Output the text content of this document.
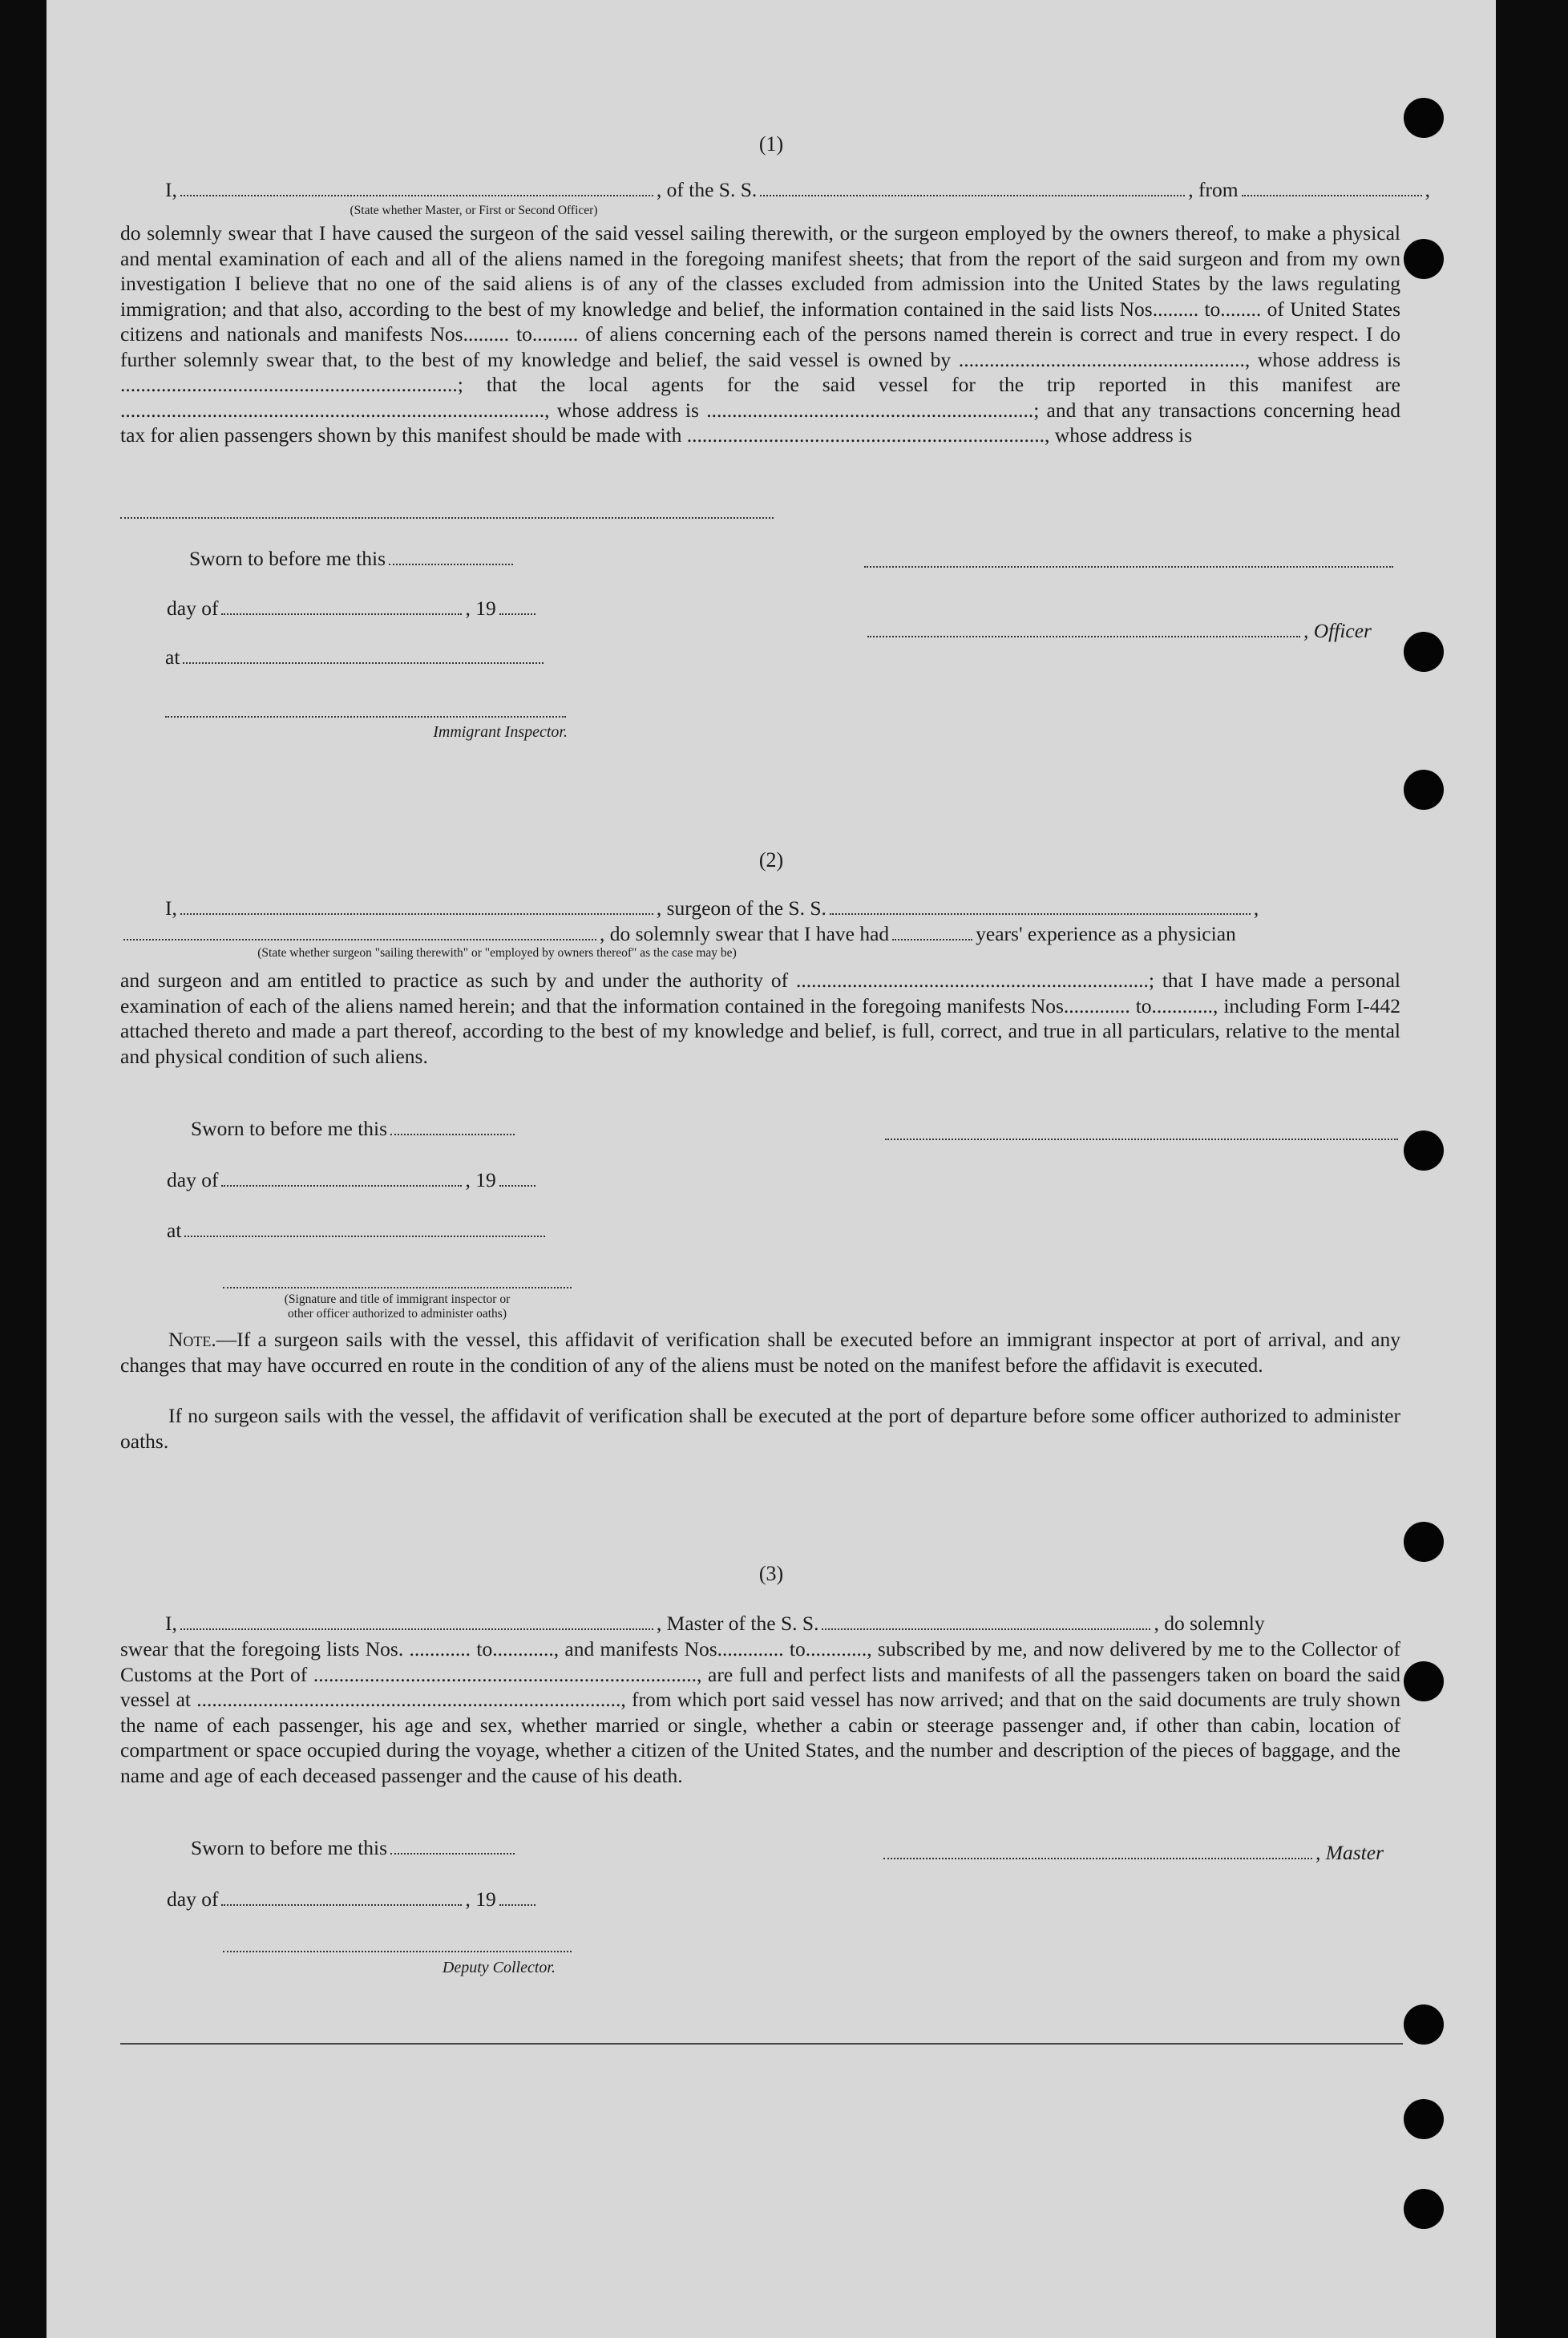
(1)
I,	, of the S. S.	, from	,
(State whether Master, or First or Second Officer)
do solemnly swear that I have caused the surgeon of the said vessel sailing therewith, or the surgeon employed by the owners thereof, to make a physical and mental examination of each and all of the aliens named in the foregoing manifest sheets; that from the report of the said surgeon and from my own investigation I believe that no one of the said aliens is of any of the classes excluded from admission into the United States by the laws regulating immigration; and that also, according to the best of my knowledge and belief, the information contained in the said lists Nos......... to........ of United States citizens and nationals and manifests Nos......... to......... of aliens concerning each of the persons named therein is correct and true in every respect. I do further solemnly swear that, to the best of my knowledge and belief, the said vessel is owned by ........................................................, whose address is ..................................................................; that the local agents for the said vessel for the trip reported in this manifest are ..................................................................................., whose address is ................................................................; and that any transactions concerning head tax for alien passengers shown by this manifest should be made with ......................................................................, whose address is
Sworn to before me this
day of	, 19
at
Immigrant Inspector.
, Officer
(2)
I,	, surgeon of the S. S.	,
, do solemnly swear that I have had	years' experience as a physician
(State whether surgeon "sailing therewith" or "employed by owners thereof" as the case may be)
and surgeon and am entitled to practice as such by and under the authority of .....................................................................; that I have made a personal examination of each of the aliens named herein; and that the information contained in the foregoing manifests Nos............. to............, including Form I-442 attached thereto and made a part thereof, according to the best of my knowledge and belief, is full, correct, and true in all particulars, relative to the mental and physical condition of such aliens.
Sworn to before me this
day of	, 19
at
(Signature and title of immigrant inspector or
other officer authorized to administer oaths)
Note.—If a surgeon sails with the vessel, this affidavit of verification shall be executed before an immigrant inspector at port of arrival, and any changes that may have occurred en route in the condition of any of the aliens must be noted on the manifest before the affidavit is executed.
If no surgeon sails with the vessel, the affidavit of verification shall be executed at the port of departure before some officer authorized to administer oaths.
(3)
I,	, Master of the S. S.	, do solemnly
swear that the foregoing lists Nos. ............ to............, and manifests Nos............. to............, subscribed by me, and now delivered by me to the Collector of Customs at the Port of ..........................................................................., are full and perfect lists and manifests of all the passengers taken on board the said vessel at ..................................................................................., from which port said vessel has now arrived; and that on the said documents are truly shown the name of each passenger, his age and sex, whether married or single, whether a cabin or steerage passenger and, if other than cabin, location of compartment or space occupied during the voyage, whether a citizen of the United States, and the number and description of the pieces of baggage, and the name and age of each deceased passenger and the cause of his death.
Sworn to before me this	, Master
day of	, 19
Deputy Collector.
